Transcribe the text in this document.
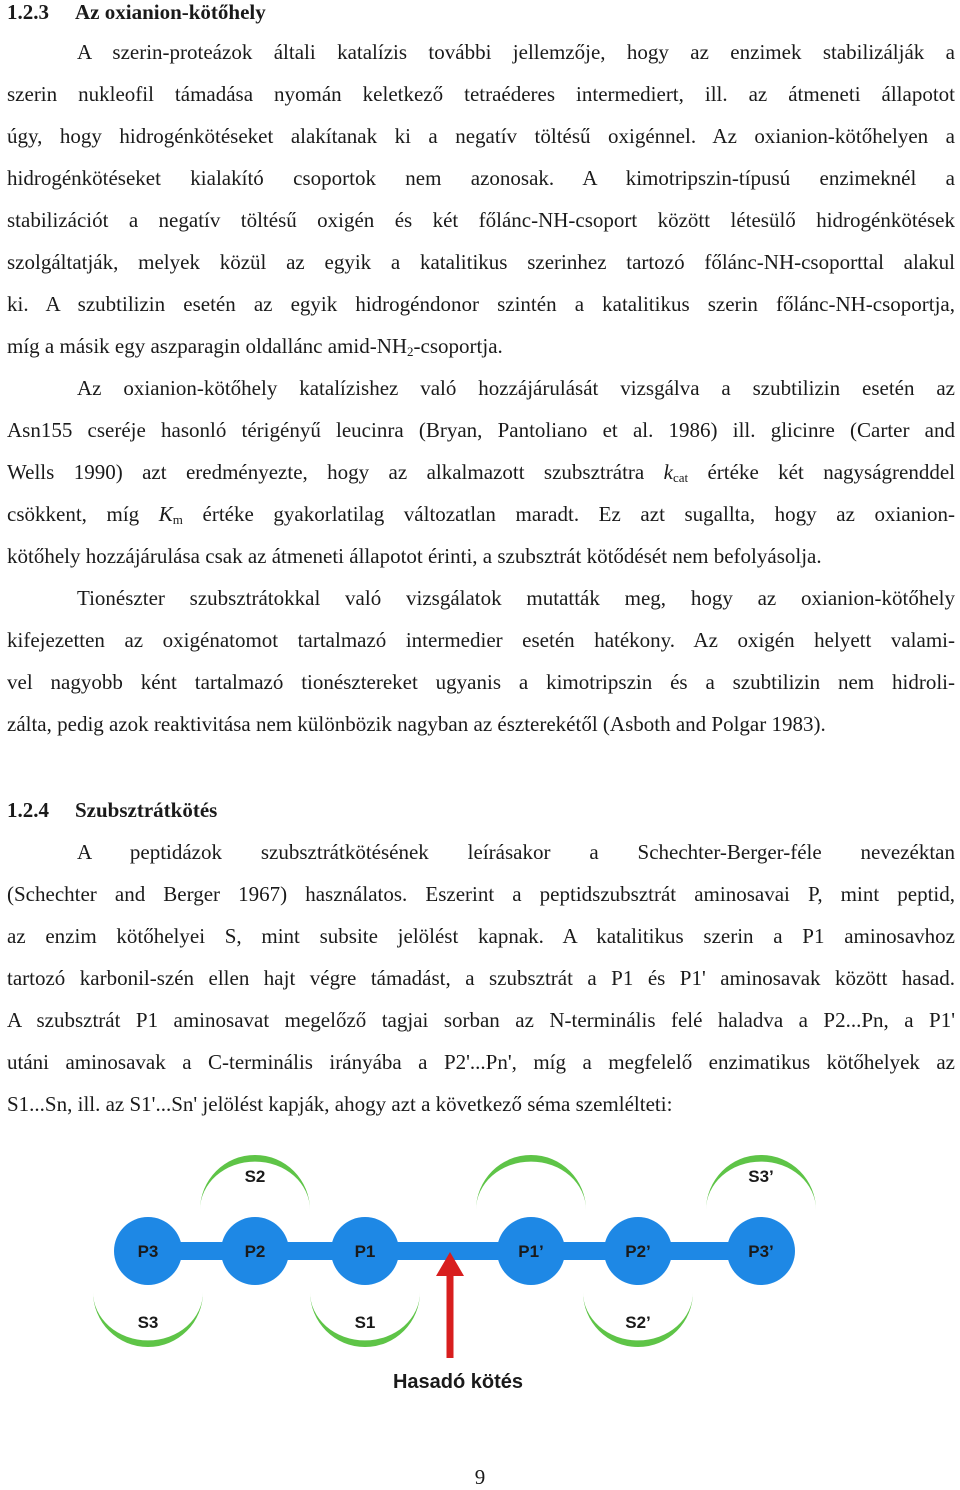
1.2.3 Az oxianion-kötőhely
A szerin-proteázok általi katalízis további jellemzője, hogy az enzimek stabilizálják a
szerin nukleofil támadása nyomán keletkező tetraéderes intermediert, ill. az átmeneti állapotot
úgy, hogy hidrogénkötéseket alakítanak ki a negatív töltésű oxigénnel. Az oxianion-kötőhelyen a
hidrogénkötéseket kialakító csoportok nem azonosak. A kimotripszin-típusú enzimeknél a
stabilizációt a negatív töltésű oxigén és két főlánc-NH-csoport között létesülő hidrogénkötések
szolgáltatják, melyek közül az egyik a katalitikus szerinhez tartozó főlánc-NH-csoporttal alakul
ki. A szubtilizin esetén az egyik hidrogéndonor szintén a katalitikus szerin főlánc-NH-csoportja,
míg a másik egy aszparagin oldallánc amid-$NH_2$-csoportja.
Az oxianion-kötőhely katalízishez való hozzájárulását vizsgálva a szubtilizin esetén az
Asn155 cseréje hasonló térigényű leucinra (Bryan, Pantoliano et al. 1986) ill. glicinre (Carter and
Wells 1990) azt eredményezte, hogy az alkalmazott szubsztrátra $k_{cat}$ értéke két nagyságrenddel
csökkent, míg $K_m$ értéke gyakorlatilag változatlan maradt. Ez azt sugallta, hogy az oxianion-
kötőhely hozzájárulása csak az átmeneti állapotot érinti, a szubsztrát kötődését nem befolyásolja.
Tionészter szubsztrátokkal való vizsgálatok mutatták meg, hogy az oxianion-kötőhely
kifejezetten az oxigénatomot tartalmazó intermedier esetén hatékony. Az oxigén helyett valami-
vel nagyobb ként tartalmazó tionésztereket ugyanis a kimotripszin és a szubtilizin nem hidroli-
zálta, pedig azok reaktivitása nem különbözik nagyban az észterekétől (Asboth and Polgar 1983).
1.2.4 Szubsztrátkötés
A peptidázok szubsztrátkötésének leírásakor a Schechter-Berger-féle nevezéktan
(Schechter and Berger 1967) használatos. Eszerint a peptidszubsztrát aminosavai P, mint peptid,
az enzim kötőhelyei S, mint subsite jelölést kapnak. A katalitikus szerin a P1 aminosavhoz
tartozó karbonil-szén ellen hajt végre támadást, a szubsztrát a P1 és P1' aminosavak között hasad.
A szubsztrát P1 aminosavat megelőző tagjai sorban az N-terminális felé haladva a P2...Pn, a P1'
utáni aminosavak a C-terminális irányába a P2'...Pn', míg a megfelelő enzimatikus kötőhelyek az
S1...Sn, ill. az S1'...Sn' jelölést kapják, ahogy azt a következő séma szemlélteti:
S2	S1’	S3’
S3	S1	S2’
P3	P2	P1	P1’	P2’	P3’
Hasadó kötés
9
